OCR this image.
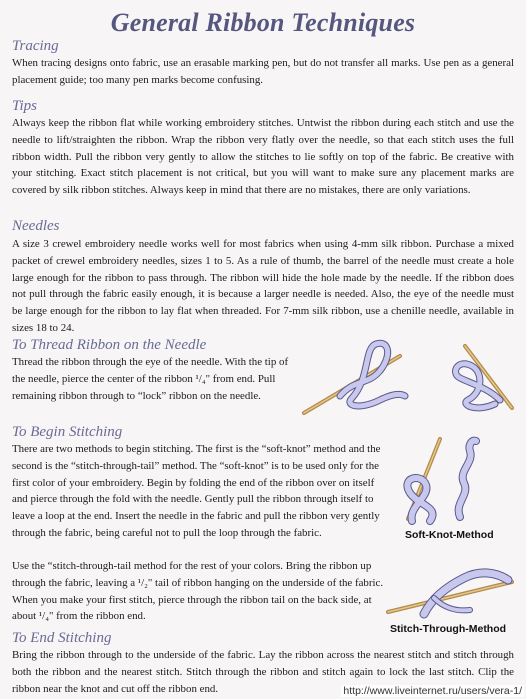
General Ribbon Techniques
Tracing
When tracing designs onto fabric, use an erasable marking pen, but do not transfer all marks. Use pen as a general placement guide; too many pen marks become confusing.
Tips
Always keep the ribbon flat while working embroidery stitches. Untwist the ribbon during each stitch and use the needle to lift/straighten the ribbon. Wrap the ribbon very flatly over the needle, so that each stitch uses the full ribbon width. Pull the ribbon very gently to allow the stitches to lie softly on top of the fabric. Be creative with your stitching. Exact stitch placement is not critical, but you will want to make sure any placement marks are covered by silk ribbon stitches. Always keep in mind that there are no mistakes, there are only variations.
Needles
A size 3 crewel embroidery needle works well for most fabrics when using 4-mm silk ribbon. Purchase a mixed packet of crewel embroidery needles, sizes 1 to 5. As a rule of thumb, the barrel of the needle must create a hole large enough for the ribbon to pass through. The ribbon will hide the hole made by the needle. If the ribbon does not pull through the fabric easily enough, it is because a larger needle is needed. Also, the eye of the needle must be large enough for the ribbon to lay flat when threaded. For 7-mm silk ribbon, use a chenille needle, available in sizes 18 to 24.
To Thread Ribbon on the Needle
Thread the ribbon through the eye of the needle. With the tip of the needle, pierce the center of the ribbon ¹/₄" from end. Pull remaining ribbon through to “lock” ribbon on the needle.
To Begin Stitching
There are two methods to begin stitching. The first is the “soft-knot” method and the second is the “stitch-through-tail” method. The “soft-knot” is to be used only for the first color of your embroidery. Begin by folding the end of the ribbon over on itself and pierce through the fold with the needle. Gently pull the ribbon through itself to leave a loop at the end. Insert the needle in the fabric and pull the ribbon very gently through the fabric, being careful not to pull the loop through the fabric.	Soft-Knot-Method
Use the “stitch-through-tail method for the rest of your colors. Bring the ribbon up through the fabric, leaving a ¹/₂" tail of ribbon hanging on the underside of the fabric. When you make your first stitch, pierce through the ribbon tail on the back side, at about ¹/₄" from the ribbon end.
Stitch-Through-Method
To End Stitching
Bring the ribbon through to the underside of the fabric. Lay the ribbon across the nearest stitch and stitch through both the ribbon and the nearest stitch. Stitch through the ribbon and stitch again to lock the last stitch. Clip the ribbon near the knot and cut off the ribbon end.	http://www.liveinternet.ru/users/vera-1/
